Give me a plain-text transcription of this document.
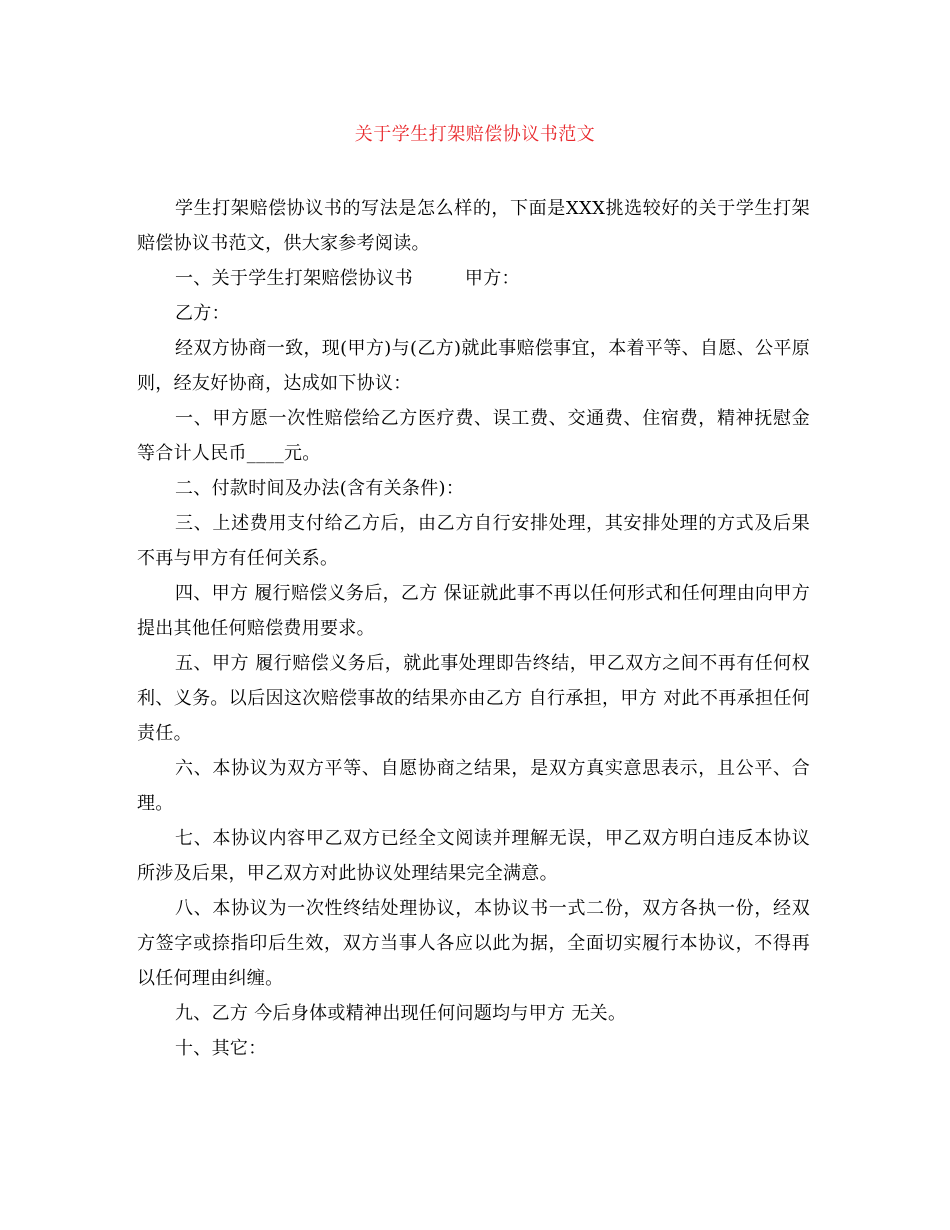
关于学生打架赔偿协议书范文

学生打架赔偿协议书的写法是怎么样的，下面是XXX挑选较好的关于学生打架赔偿协议书范文，供大家参考阅读。

一、关于学生打架赔偿协议书	甲方：

乙方：

经双方协商一致，现(甲方)与(乙方)就此事赔偿事宜，本着平等、自愿、公平原则，经友好协商，达成如下协议：

一、甲方愿一次性赔偿给乙方医疗费、误工费、交通费、住宿费，精神抚慰金等合计人民币____元。

二、付款时间及办法(含有关条件)：

三、上述费用支付给乙方后，由乙方自行安排处理，其安排处理的方式及后果不再与甲方有任何关系。

四、甲方 履行赔偿义务后，乙方 保证就此事不再以任何形式和任何理由向甲方 提出其他任何赔偿费用要求。

五、甲方 履行赔偿义务后，就此事处理即告终结，甲乙双方之间不再有任何权利、义务。以后因这次赔偿事故的结果亦由乙方 自行承担，甲方 对此不再承担任何责任。

六、本协议为双方平等、自愿协商之结果，是双方真实意思表示，且公平、合理。

七、本协议内容甲乙双方已经全文阅读并理解无误，甲乙双方明白违反本协议所涉及后果，甲乙双方对此协议处理结果完全满意。

八、本协议为一次性终结处理协议，本协议书一式二份，双方各执一份，经双方签字或捺指印后生效，双方当事人各应以此为据，全面切实履行本协议，不得再以任何理由纠缠。

九、乙方 今后身体或精神出现任何问题均与甲方 无关。

十、其它：
